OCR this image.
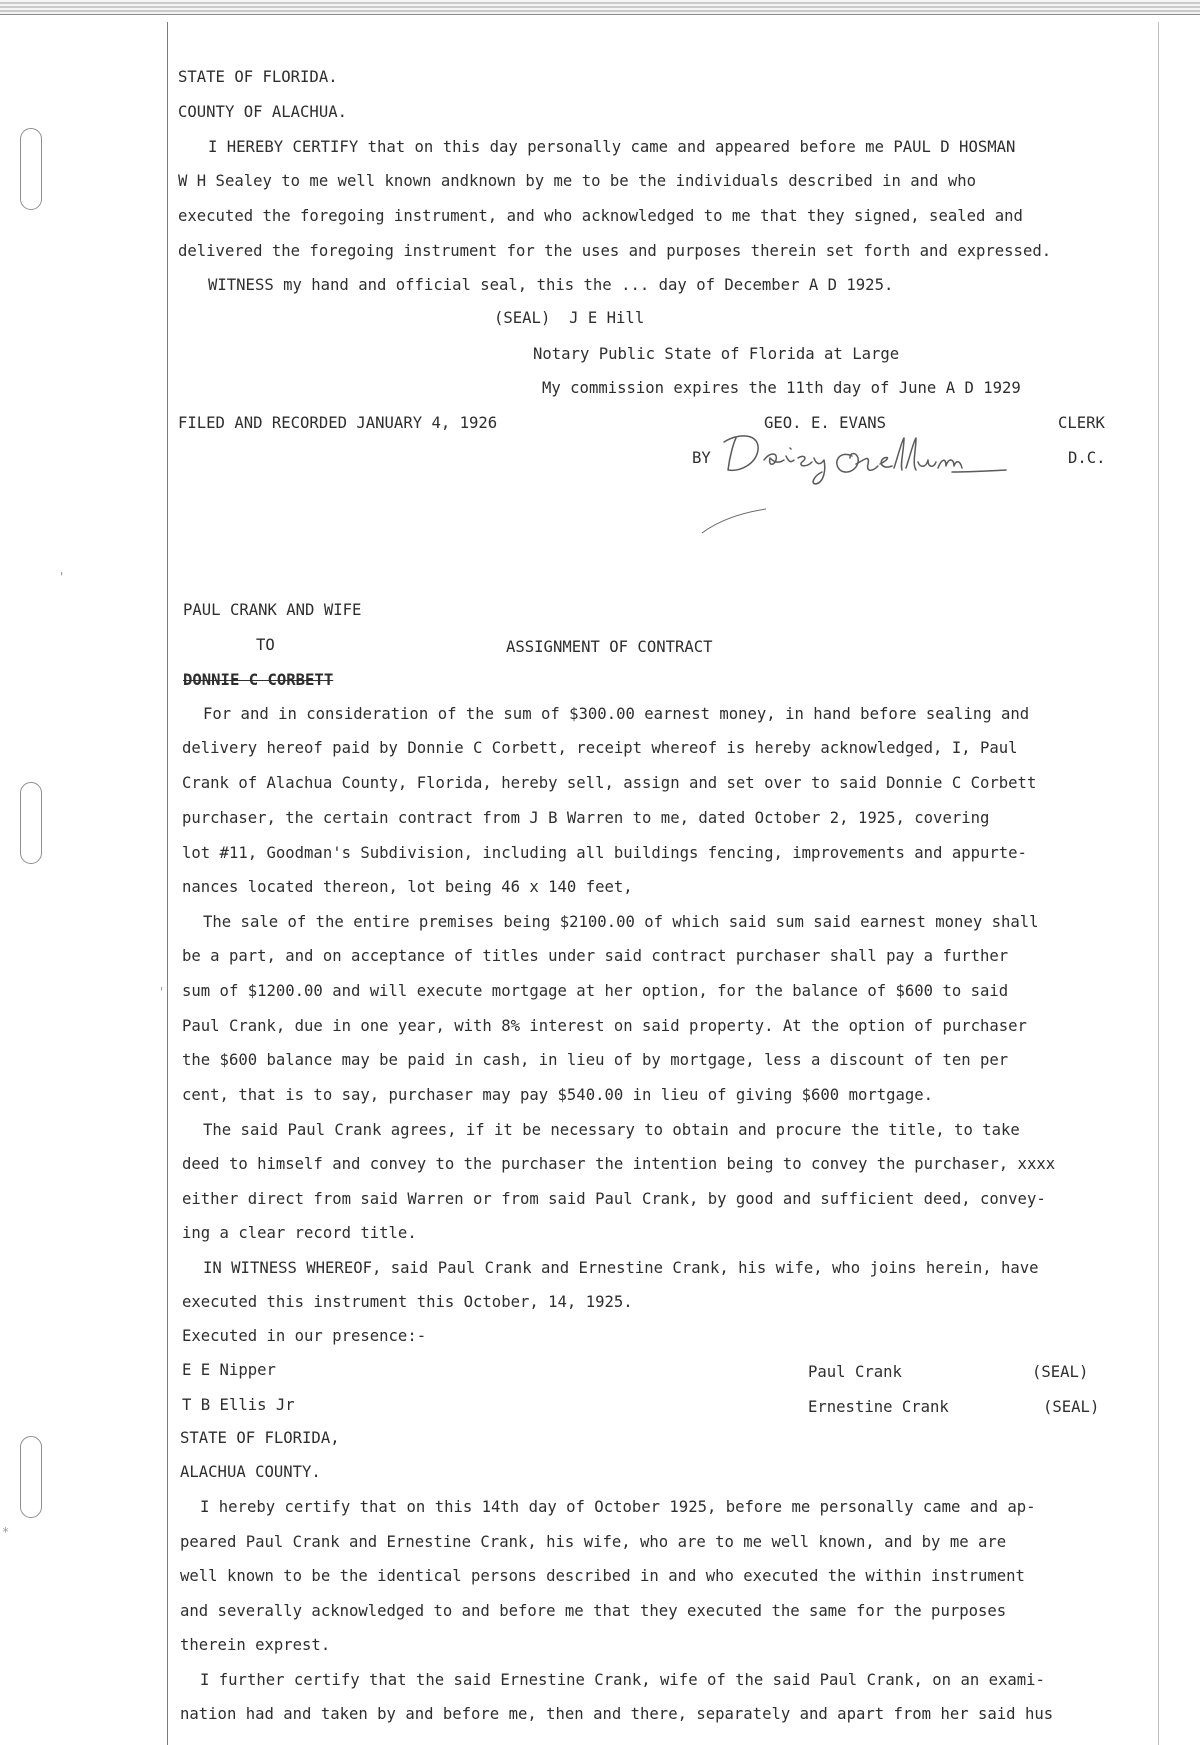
'
'
*

STATE OF FLORIDA.

COUNTY OF ALACHUA.

I HEREBY CERTIFY that on this day personally came and appeared before me PAUL D HOSMAN

W H Sealey to me well known andknown by me to be the individuals described in and who

executed the foregoing instrument, and who acknowledged to me that they signed, sealed and

delivered the foregoing instrument for the uses and purposes therein set forth and expressed.

WITNESS my hand and official seal, this the ... day of December A D 1925.

(SEAL)  J E Hill

Notary Public State of Florida at Large

My commission expires the 11th day of June A D 1929

FILED AND RECORDED JANUARY 4, 1926	GEO. E. EVANS	CLERK

BY	D.C.

PAUL CRANK AND WIFE

TO	ASSIGNMENT OF CONTRACT

DONNIE C CORBETT

For and in consideration of the sum of $300.00 earnest money, in hand before sealing and

delivery hereof paid by Donnie C Corbett, receipt whereof is hereby acknowledged, I, Paul

Crank of Alachua County, Florida, hereby sell, assign and set over to said Donnie C Corbett

purchaser, the certain contract from J B Warren to me, dated October 2, 1925, covering

lot #11, Goodman's Subdivision, including all buildings fencing, improvements and appurte-

nances located thereon, lot being 46 x 140 feet,

The sale of the entire premises being $2100.00 of which said sum said earnest money shall

be a part, and on acceptance of titles under said contract purchaser shall pay a further

sum of $1200.00 and will execute mortgage at her option, for the balance of $600 to said

Paul Crank, due in one year, with 8% interest on said property. At the option of purchaser

the $600 balance may be paid in cash, in lieu of by mortgage, less a discount of ten per

cent, that is to say, purchaser may pay $540.00 in lieu of giving $600 mortgage.

The said Paul Crank agrees, if it be necessary to obtain and procure the title, to take

deed to himself and convey to the purchaser the intention being to convey the purchaser, xxxx

either direct from said Warren or from said Paul Crank, by good and sufficient deed, convey-

ing a clear record title.

IN WITNESS WHEREOF, said Paul Crank and Ernestine Crank, his wife, who joins herein, have

executed this instrument this October, 14, 1925.

Executed in our presence:-

E E Nipper	Paul Crank	(SEAL)

T B Ellis Jr	Ernestine Crank	(SEAL)

STATE OF FLORIDA,

ALACHUA COUNTY.

I hereby certify that on this 14th day of October 1925, before me personally came and ap-

peared Paul Crank and Ernestine Crank, his wife, who are to me well known, and by me are

well known to be the identical persons described in and who executed the within instrument

and severally acknowledged to and before me that they executed the same for the purposes

therein exprest.

I further certify that the said Ernestine Crank, wife of the said Paul Crank, on an exami-

nation had and taken by and before me, then and there, separately and apart from her said hus
